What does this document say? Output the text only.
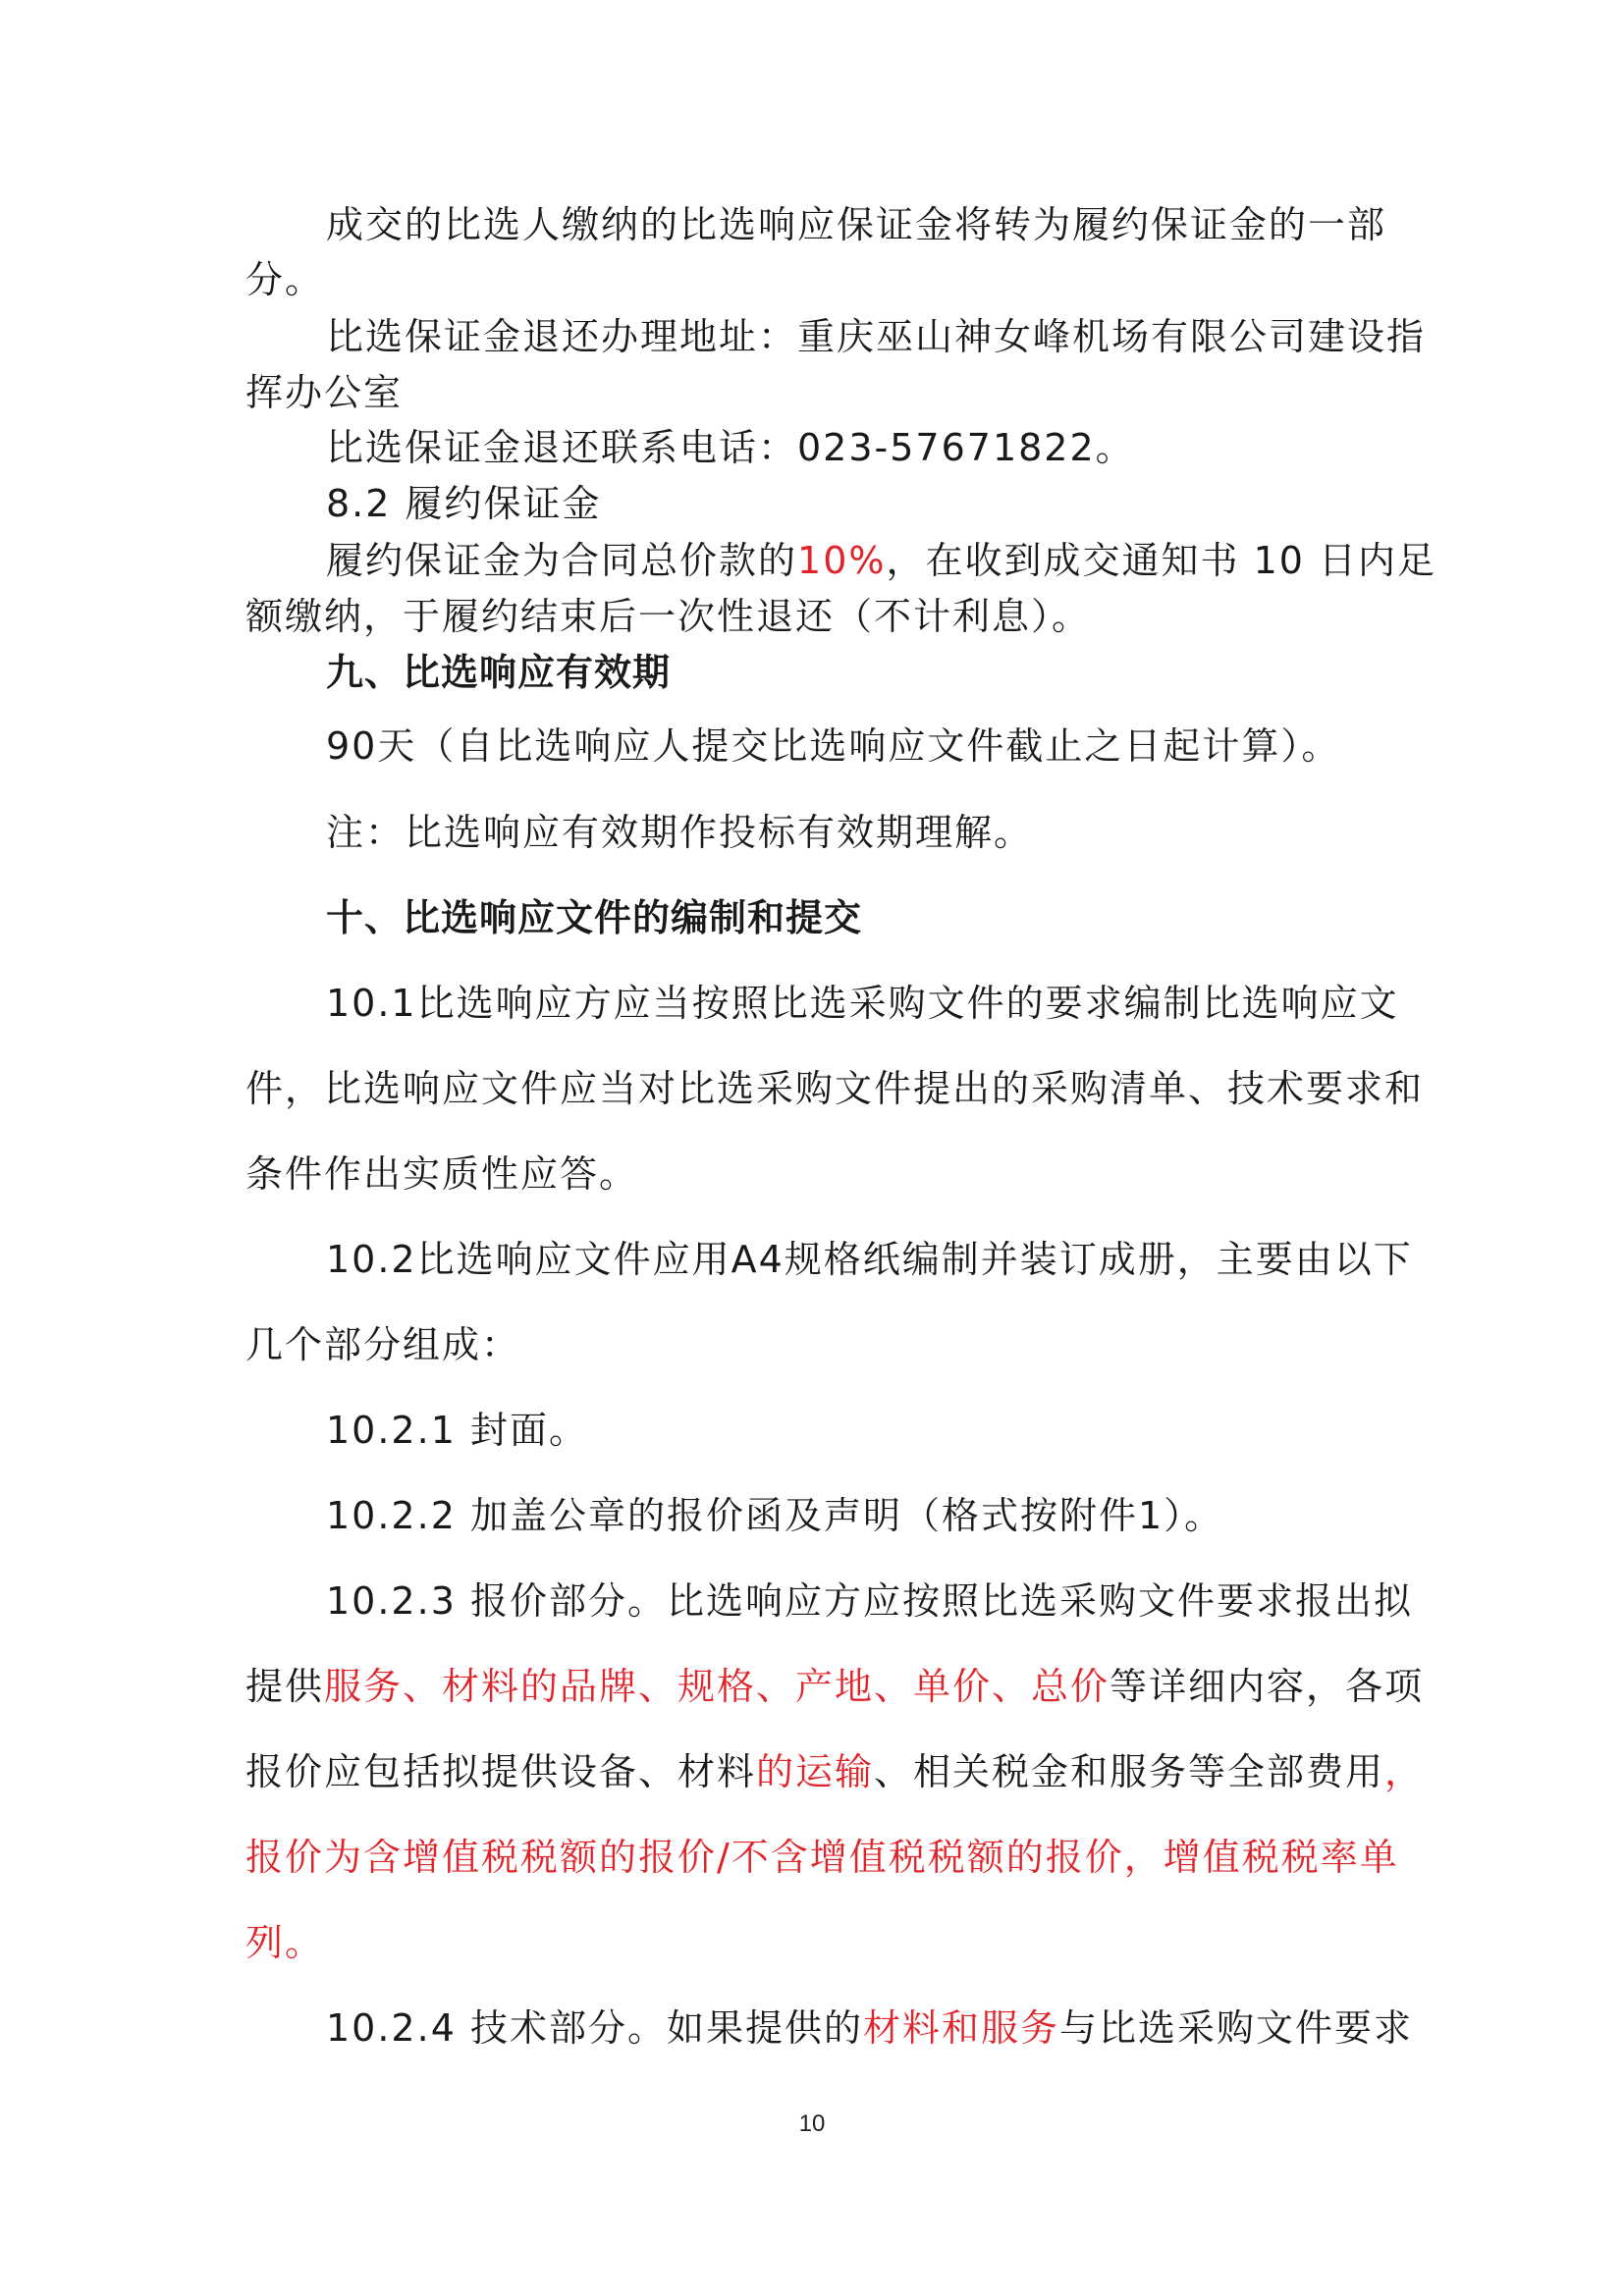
成交的比选人缴纳的比选响应保证金将转为履约保证金的一部
分。
比选保证金退还办理地址：重庆巫山神女峰机场有限公司建设指
挥办公室
比选保证金退还联系电话：023-57671822。
8.2 履约保证金
履约保证金为合同总价款的10%，在收到成交通知书 10 日内足
额缴纳，于履约结束后一次性退还（不计利息）。
九、比选响应有效期
90天（自比选响应人提交比选响应文件截止之日起计算）。
注：比选响应有效期作投标有效期理解。
十、比选响应文件的编制和提交
10.1比选响应方应当按照比选采购文件的要求编制比选响应文
件，比选响应文件应当对比选采购文件提出的采购清单、技术要求和
条件作出实质性应答。
10.2比选响应文件应用A4规格纸编制并装订成册，主要由以下
几个部分组成：
10.2.1 封面。
10.2.2 加盖公章的报价函及声明（格式按附件1）。
10.2.3 报价部分。比选响应方应按照比选采购文件要求报出拟
提供服务、材料的品牌、规格、产地、单价、总价等详细内容，各项
报价应包括拟提供设备、材料的运输、相关税金和服务等全部费用，
报价为含增值税税额的报价/不含增值税税额的报价，增值税税率单
列。
10.2.4 技术部分。如果提供的材料和服务与比选采购文件要求
10
